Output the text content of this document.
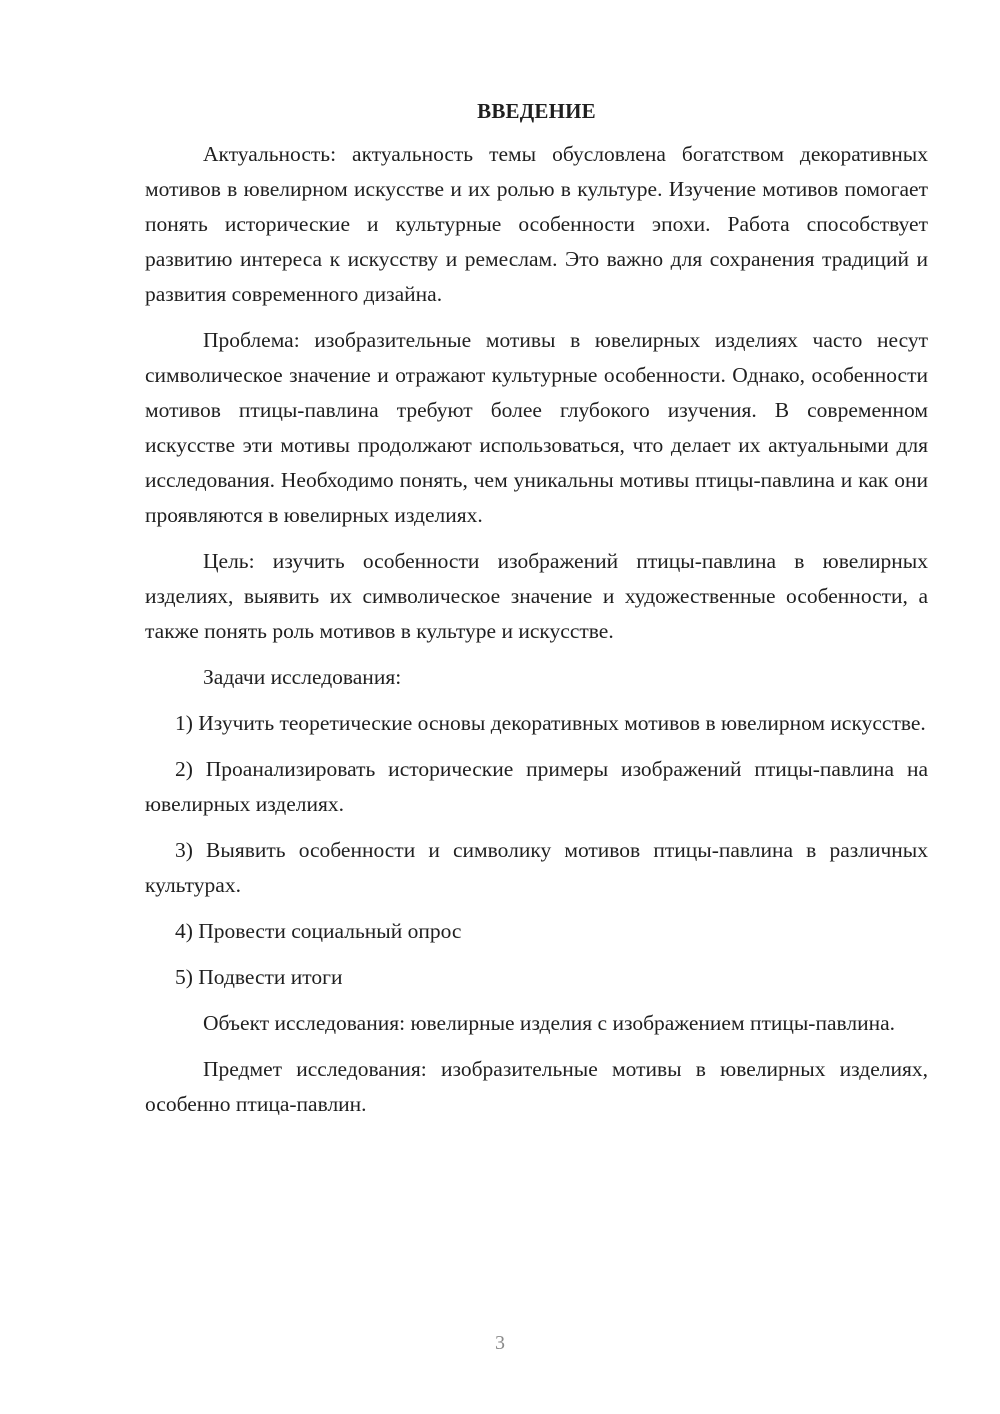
ВВЕДЕНИЕ

Актуальность: актуальность темы обусловлена богатством декоративных мотивов в ювелирном искусстве и их ролью в культуре. Изучение мотивов помогает понять исторические и культурные особенности эпохи. Работа способствует развитию интереса к искусству и ремеслам. Это важно для сохранения традиций и развития современного дизайна.

Проблема: изобразительные мотивы в ювелирных изделиях часто несут символическое значение и отражают культурные особенности. Однако, особенности мотивов птицы-павлина требуют более глубокого изучения. В современном искусстве эти мотивы продолжают использоваться, что делает их актуальными для исследования. Необходимо понять, чем уникальны мотивы птицы-павлина и как они проявляются в ювелирных изделиях.

Цель: изучить особенности изображений птицы-павлина в ювелирных изделиях, выявить их символическое значение и художественные особенности, а также понять роль мотивов в культуре и искусстве.

Задачи исследования:

1) Изучить теоретические основы декоративных мотивов в ювелирном искусстве.
2) Проанализировать исторические примеры изображений птицы-павлина на ювелирных изделиях.
3) Выявить особенности и символику мотивов птицы-павлина в различных культурах.
4) Провести социальный опрос
5) Подвести итоги

Объект исследования: ювелирные изделия с изображением птицы-павлина.

Предмет исследования: изобразительные мотивы в ювелирных изделиях, особенно птица-павлин.

3
